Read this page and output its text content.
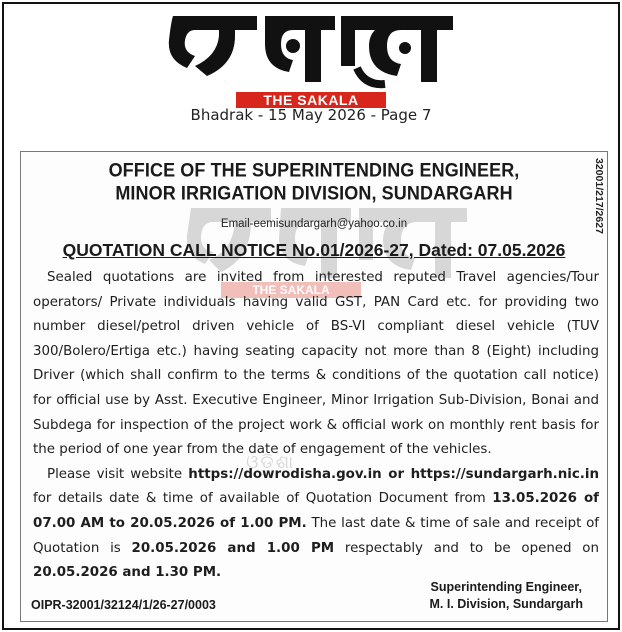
THE SAKALA
Bhadrak - 15 May 2026 - Page 7
THE SAKALA
ଓଡ଼ିଶା
32001/217/2627
OFFICE OF THE SUPERINTENDING ENGINEER,
MINOR IRRIGATION DIVISION, SUNDARGARH
Email-eemisundargarh@yahoo.co.in
QUOTATION CALL NOTICE No.01/2026-27, Dated: 07.05.2026

Sealed quotations are invited from interested reputed Travel agencies/Tour operators/ Private individuals having valid GST, PAN Card etc. for providing two number diesel/petrol driven vehicle of BS-VI compliant diesel vehicle (TUV 300/Bolero/Ertiga etc.) having seating capacity not more than 8 (Eight) including Driver (which shall confirm to the terms & conditions of the quotation call notice) for official use by Asst. Executive Engineer, Minor Irrigation Sub-Division, Bonai and Subdega for inspection of the project work & official work on monthly rent basis for the period of one year from the date of engagement of the vehicles.

Please visit website https://dowrodisha.gov.in or https://sundargarh.nic.in for details date & time of available of Quotation Document from 13.05.2026 of 07.00 AM to 20.05.2026 of 1.00 PM. The last date & time of sale and receipt of Quotation is 20.05.2026 and 1.00 PM respectably and to be opened on 20.05.2026 and 1.30 PM.

Superintending Engineer,
M. I. Division, Sundargarh
OIPR-32001/32124/1/26-27/0003
